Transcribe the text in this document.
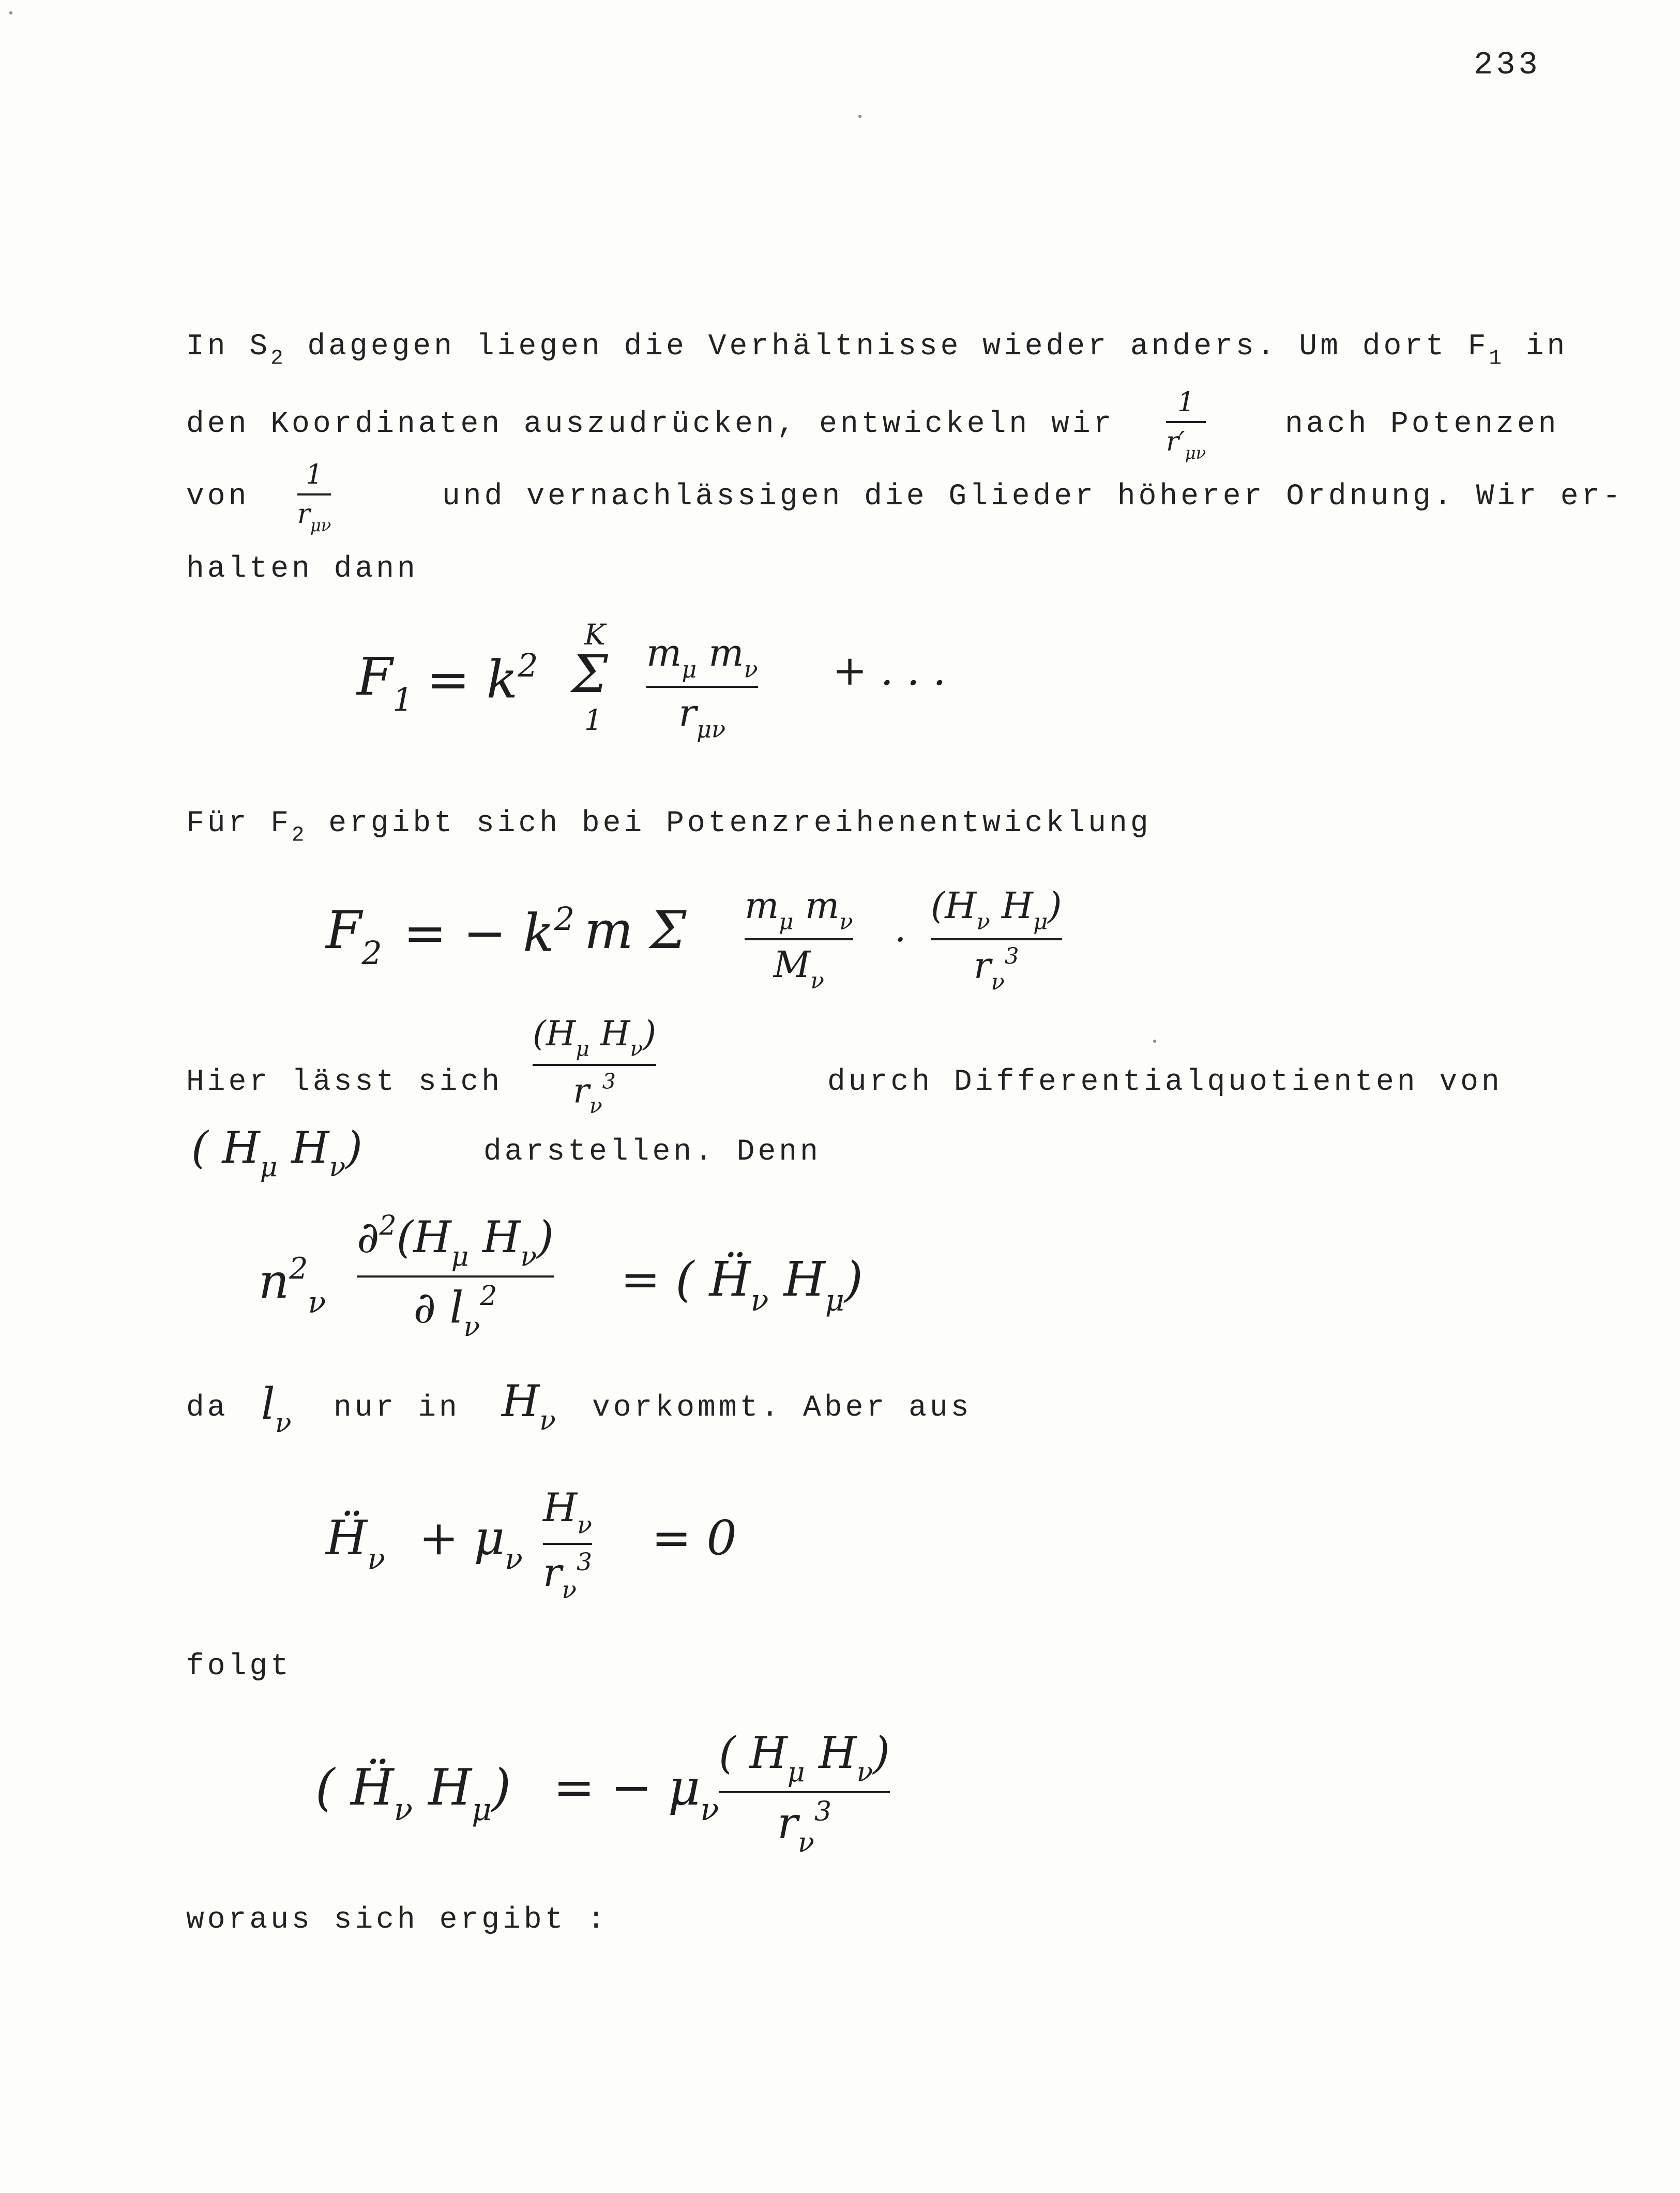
233
In $S_2$ dagegen liegen die Verhältnisse wieder anders. Um dort $F_1$ in
den Koordinaten auszudrücken, entwickeln wir
1
$r'_{\mu\nu}$
nach Potenzen
von
1
$r_{\mu\nu}$
und vernachlässigen die Glieder höherer Ordnung. Wir er-
halten dann
$F_1 = k^2$
K
Σ
1
$m_\mu$ $m_\nu$
$r_{\mu\nu}$
+ . . .
Für $F_2$ ergibt sich bei Potenzreihenentwicklung
$F_2$ = − $k^2$ m Σ $m_\mu$ $m_\nu$
$M_\nu$
.
($H_\nu$ $H_\mu$)
$r_\nu^3$
Hier lässt sich
($H_\mu$ $H_\nu$)
$r_\nu^3$	durch Differentialquotienten von
( $H_\mu$ $H_\nu$)	darstellen. Denn
$n^2_\nu$
$\partial^2(H_\mu$ $H_\nu$)
∂ $l_\nu^2$	= ( Ḧ$_\nu$ $H_\mu$)
da $l_\nu$ nur in $H_\nu$ vorkommt. Aber aus
Ḧ$_\nu$ + $\mu_\nu$
$H_\nu$
$r_\nu^3 = 0$
folgt
( Ḧ$_\nu$ $H_\mu$) = − $\mu_\nu$
( $H_\mu$ $H_\nu$)
$r_\nu^3$
woraus sich ergibt :
